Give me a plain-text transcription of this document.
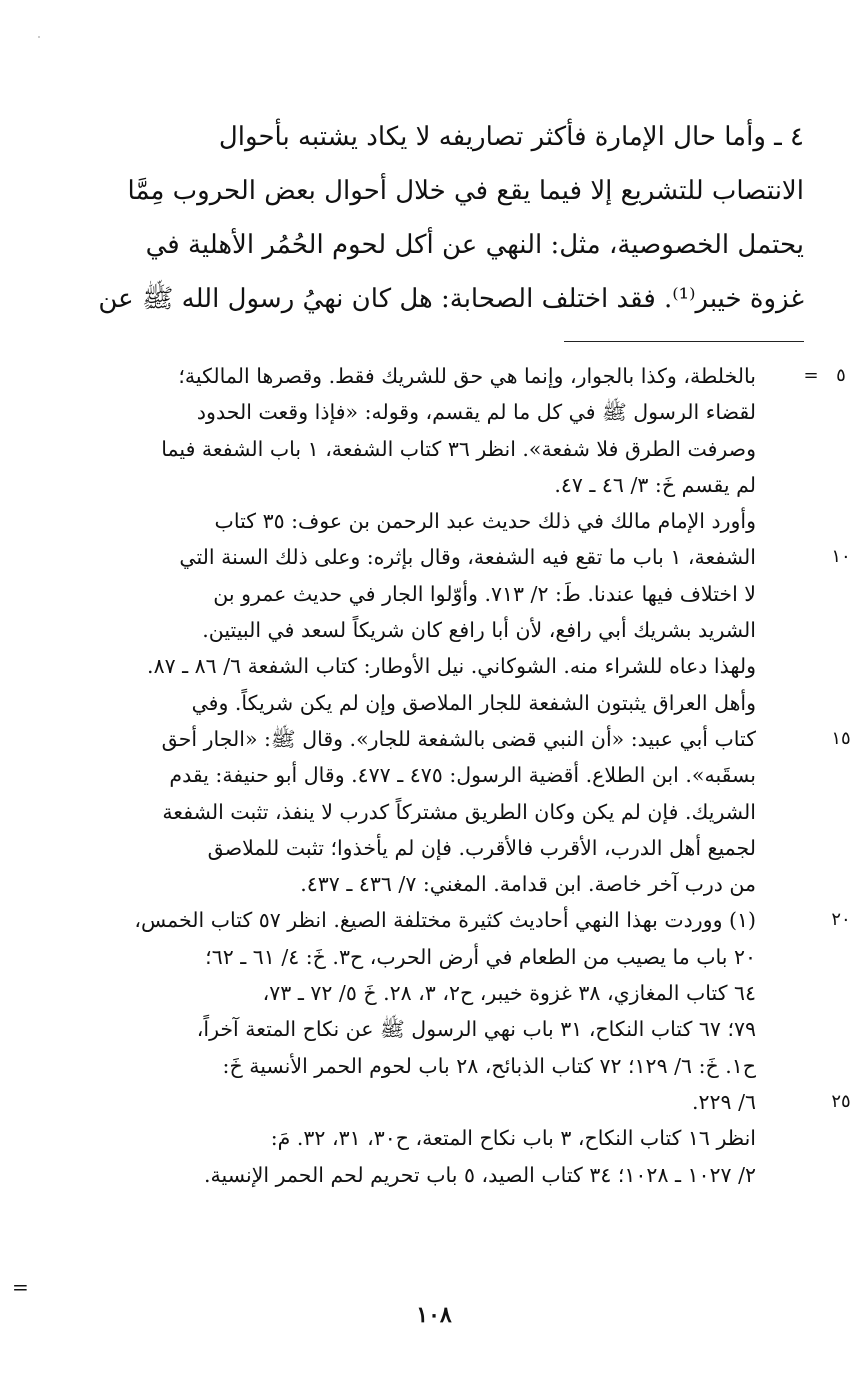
٤ ـ وأما حال الإمارة فأكثر تصاريفه لا يكاد يشتبه بأحوال
الانتصاب للتشريع إلا فيما يقع في خلال أحوال بعض الحروب مِمَّا
يحتمل الخصوصية، مثل: النهي عن أكل لحوم الحُمُر الأهلية في
غزوة خيبر⁽¹⁾. فقد اختلف الصحابة: هل كان نهيُ رسول الله ﷺ عن
٥=
١٠
١٥
٢٠
٢٥
بالخلطة، وكذا بالجوار، وإنما هي حق للشريك فقط. وقصرها المالكية؛
لقضاء الرسول ﷺ في كل ما لم يقسم، وقوله: «فإذا وقعت الحدود
وصرفت الطرق فلا شفعة». انظر ٣٦ كتاب الشفعة، ١ باب الشفعة فيما
لم يقسم خَ: ٣/ ٤٦ ـ ٤٧.
وأورد الإمام مالك في ذلك حديث عبد الرحمن بن عوف: ٣٥ كتاب
الشفعة، ١ باب ما تقع فيه الشفعة، وقال بإثره: وعلى ذلك السنة التي
لا اختلاف فيها عندنا. طَ: ٢/ ٧١٣. وأوّلوا الجار في حديث عمرو بن
الشريد بشريك أبي رافع، لأن أبا رافع كان شريكاً لسعد في البيتين.
ولهذا دعاه للشراء منه. الشوكاني. نيل الأوطار: كتاب الشفعة ٦/ ٨٦ ـ ٨٧.
وأهل العراق يثبتون الشفعة للجار الملاصق وإن لم يكن شريكاً. وفي
كتاب أبي عبيد: «أن النبي قضى بالشفعة للجار». وقال ﷺ: «الجار أحق
بسقَبه». ابن الطلاع. أقضية الرسول: ٤٧٥ ـ ٤٧٧. وقال أبو حنيفة: يقدم
الشريك. فإن لم يكن وكان الطريق مشتركاً كدرب لا ينفذ، تثبت الشفعة
لجميع أهل الدرب، الأقرب فالأقرب. فإن لم يأخذوا؛ تثبت للملاصق
من درب آخر خاصة. ابن قدامة. المغني: ٧/ ٤٣٦ ـ ٤٣٧.
(١) ووردت بهذا النهي أحاديث كثيرة مختلفة الصيغ. انظر ٥٧ كتاب الخمس،
٢٠ باب ما يصيب من الطعام في أرض الحرب، ح٣. خَ: ٤/ ٦١ ـ ٦٢؛
٦٤ كتاب المغازي، ٣٨ غزوة خيبر، ح٢، ٣، ٢٨. خَ ٥/ ٧٢ ـ ٧٣،
٧٩؛ ٦٧ كتاب النكاح، ٣١ باب نهي الرسول ﷺ عن نكاح المتعة آخراً،
ح١. خَ: ٦/ ١٢٩؛ ٧٢ كتاب الذبائح، ٢٨ باب لحوم الحمر الأنسية خَ:
٦/ ٢٢٩.
انظر ١٦ كتاب النكاح، ٣ باب نكاح المتعة، ح٣٠، ٣١، ٣٢. مَ:
٢/ ١٠٢٧ ـ ١٠٢٨؛ ٣٤ كتاب الصيد، ٥ باب تحريم لحم الحمر الإنسية.
=
١٠٨
